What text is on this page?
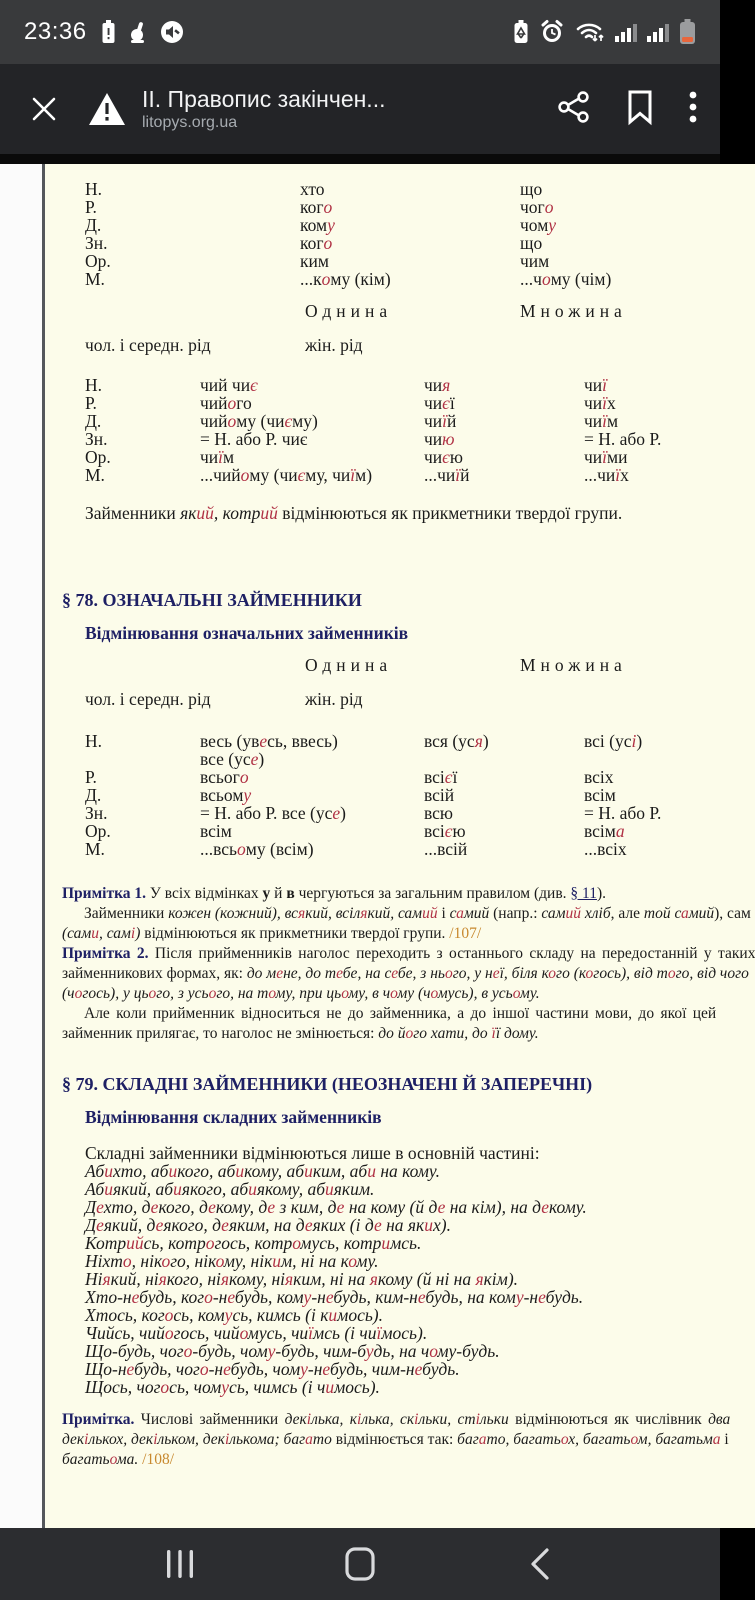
23:36
ІІ. Правопис закінчен...
litopys.org.ua
Н.	хто	що
Р.	кого	чого
Д.	кому	чому
Зн.	кого	що
Ор.	ким	чим
М.	...кому (кім)	...чому (чім)
Однина	Множина
чол. і середн. рід	жін. рід
Н.	чий чиє	чия	чиї
Р.	чийого	чиєї	чиїх
Д.	чийому (чиєму)	чиїй	чиїм
Зн.	= Н. або Р. чиє	чию	= Н. або Р.
Ор.	чиїм	чиєю	чиїми
М.	...чийому (чиєму, чиїм)	...чиїй	...чиїх
Займенники який, котрий відмінюються як прикметники твердої групи.
§ 78. ОЗНАЧАЛЬНІ ЗАЙМЕННИКИ
Відмінювання означальних займенників
Однина	Множина
чол. і середн. рід	жін. рід
Н.	весь (увесь, ввесь)	вся (уся)	всі (усі)
все (усе)
Р.	всього	всієї	всіх
Д.	всьому	всій	всім
Зн.	= Н. або Р. все (усе)	всю	= Н. або Р.
Ор.	всім	всією	всіма
М.	...всьому (всім)	...всій	...всіх
Примітка 1. У всіх відмінках у й в чергуються за загальним правилом (див. § 11).
Займенники кожен (кожний), всякий, всілякий, самий і самий (напр.: самий хліб, але той самий), сам
(сами, самі) відмінюються як прикметники твердої групи. /107/
Примітка 2. Після прийменників наголос переходить з останнього складу на передостанній у таких
займенникових формах, як: до мене, до тебе, на себе, з нього, у неї, біля кого (когось), від того, від чого
(чогось), у цього, з усього, на тому, при цьому, в чому (чомусь), в усьому.
Але коли прийменник відноситься не до займенника, а до іншої частини мови, до якої цей
займенник прилягає, то наголос не змінюється: до його хати, до її дому.
§ 79. СКЛАДНІ ЗАЙМЕННИКИ (НЕОЗНАЧЕНІ Й ЗАПЕРЕЧНІ)
Відмінювання складних займенників
Складні займенники відмінюються лише в основній частині:
Абихто, абикого, абикому, абиким, аби на кому.
Абиякий, абиякого, абиякому, абияким.
Дехто, декого, декому, де з ким, де на кому (й де на кім), на декому.
Деякий, деякого, деяким, на деяких (і де на яких).
Котрийсь, котрогось, котромусь, котримсь.
Ніхто, нікого, нікому, ніким, ні на кому.
Ніякий, ніякого, ніякому, ніяким, ні на якому (й ні на якім).
Хто-небудь, кого-небудь, кому-небудь, ким-небудь, на кому-небудь.
Хтось, когось, комусь, кимсь (і кимось).
Чийсь, чийогось, чийомусь, чиїмсь (і чиїмось).
Що-будь, чого-будь, чому-будь, чим-будь, на чому-будь.
Що-небудь, чого-небудь, чому-небудь, чим-небудь.
Щось, чогось, чомусь, чимсь (і чимось).
Примітка. Числові займенники декілька, кілька, скільки, стільки відмінюються як числівник два
декількох, декільком, декількома; багато відмінюється так: багато, багатьох, багатьом, багатьма і
багатьома. /108/
